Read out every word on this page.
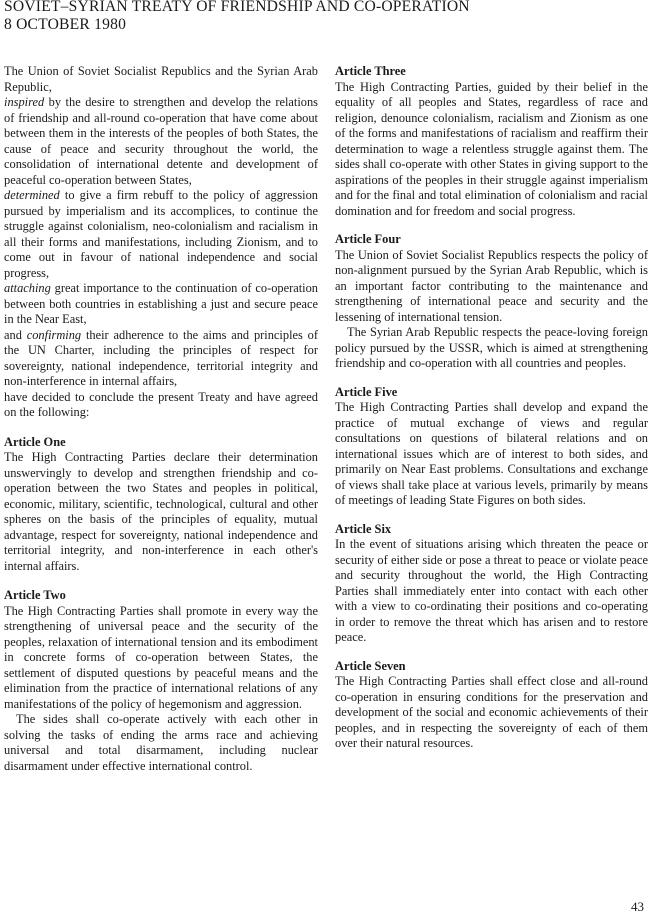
SOVIET–SYRIAN TREATY OF FRIENDSHIP AND CO-OPERATION
8 OCTOBER 1980

The Union of Soviet Socialist Republics and the Syrian Arab Republic,

inspired by the desire to strengthen and develop the relations of friendship and all-round co-operation that have come about between them in the interests of the peoples of both States, the cause of peace and security throughout the world, the consolidation of international detente and development of peaceful co-operation between States,

determined to give a firm rebuff to the policy of aggression pursued by imperialism and its accomplices, to continue the struggle against colonialism, neo-colonialism and racialism in all their forms and manifestations, including Zionism, and to come out in favour of national independence and social progress,

attaching great importance to the continuation of co-operation between both countries in establishing a just and secure peace in the Near East,

and confirming their adherence to the aims and principles of the UN Charter, including the principles of respect for sovereignty, national independence, territorial integrity and non-interference in internal affairs,

have decided to conclude the present Treaty and have agreed on the following:

Article One

The High Contracting Parties declare their determination unswervingly to develop and strengthen friendship and co-operation between the two States and peoples in political, economic, military, scientific, technological, cultural and other spheres on the basis of the principles of equality, mutual advantage, respect for sovereignty, national independence and territorial integrity, and non-interference in each other's internal affairs.

Article Two

The High Contracting Parties shall promote in every way the strengthening of universal peace and the security of the peoples, relaxation of international tension and its embodiment in concrete forms of co-operation between States, the settlement of disputed questions by peaceful means and the elimination from the practice of international relations of any manifestations of the policy of hegemonism and aggression.

The sides shall co-operate actively with each other in solving the tasks of ending the arms race and achieving universal and total disarmament, including nuclear disarmament under effective international control.

Article Three

The High Contracting Parties, guided by their belief in the equality of all peoples and States, regardless of race and religion, denounce colonialism, racialism and Zionism as one of the forms and manifestations of racialism and reaffirm their determination to wage a relentless struggle against them. The sides shall co-operate with other States in giving support to the aspirations of the peoples in their struggle against imperialism and for the final and total elimination of colonialism and racial domination and for freedom and social progress.

Article Four

The Union of Soviet Socialist Republics respects the policy of non-alignment pursued by the Syrian Arab Republic, which is an important factor contributing to the maintenance and strengthening of international peace and security and the lessening of international tension.

The Syrian Arab Republic respects the peace-loving foreign policy pursued by the USSR, which is aimed at strengthening friendship and co-operation with all countries and peoples.

Article Five

The High Contracting Parties shall develop and expand the practice of mutual exchange of views and regular consultations on questions of bilateral relations and on international issues which are of interest to both sides, and primarily on Near East problems. Consultations and exchange of views shall take place at various levels, primarily by means of meetings of leading State Figures on both sides.

Article Six

In the event of situations arising which threaten the peace or security of either side or pose a threat to peace or violate peace and security throughout the world, the High Contracting Parties shall immediately enter into contact with each other with a view to co-ordinating their positions and co-operating in order to remove the threat which has arisen and to restore peace.

Article Seven

The High Contracting Parties shall effect close and all-round co-operation in ensuring conditions for the preservation and development of the social and economic achievements of their peoples, and in respecting the sovereignty of each of them over their natural resources.

43
